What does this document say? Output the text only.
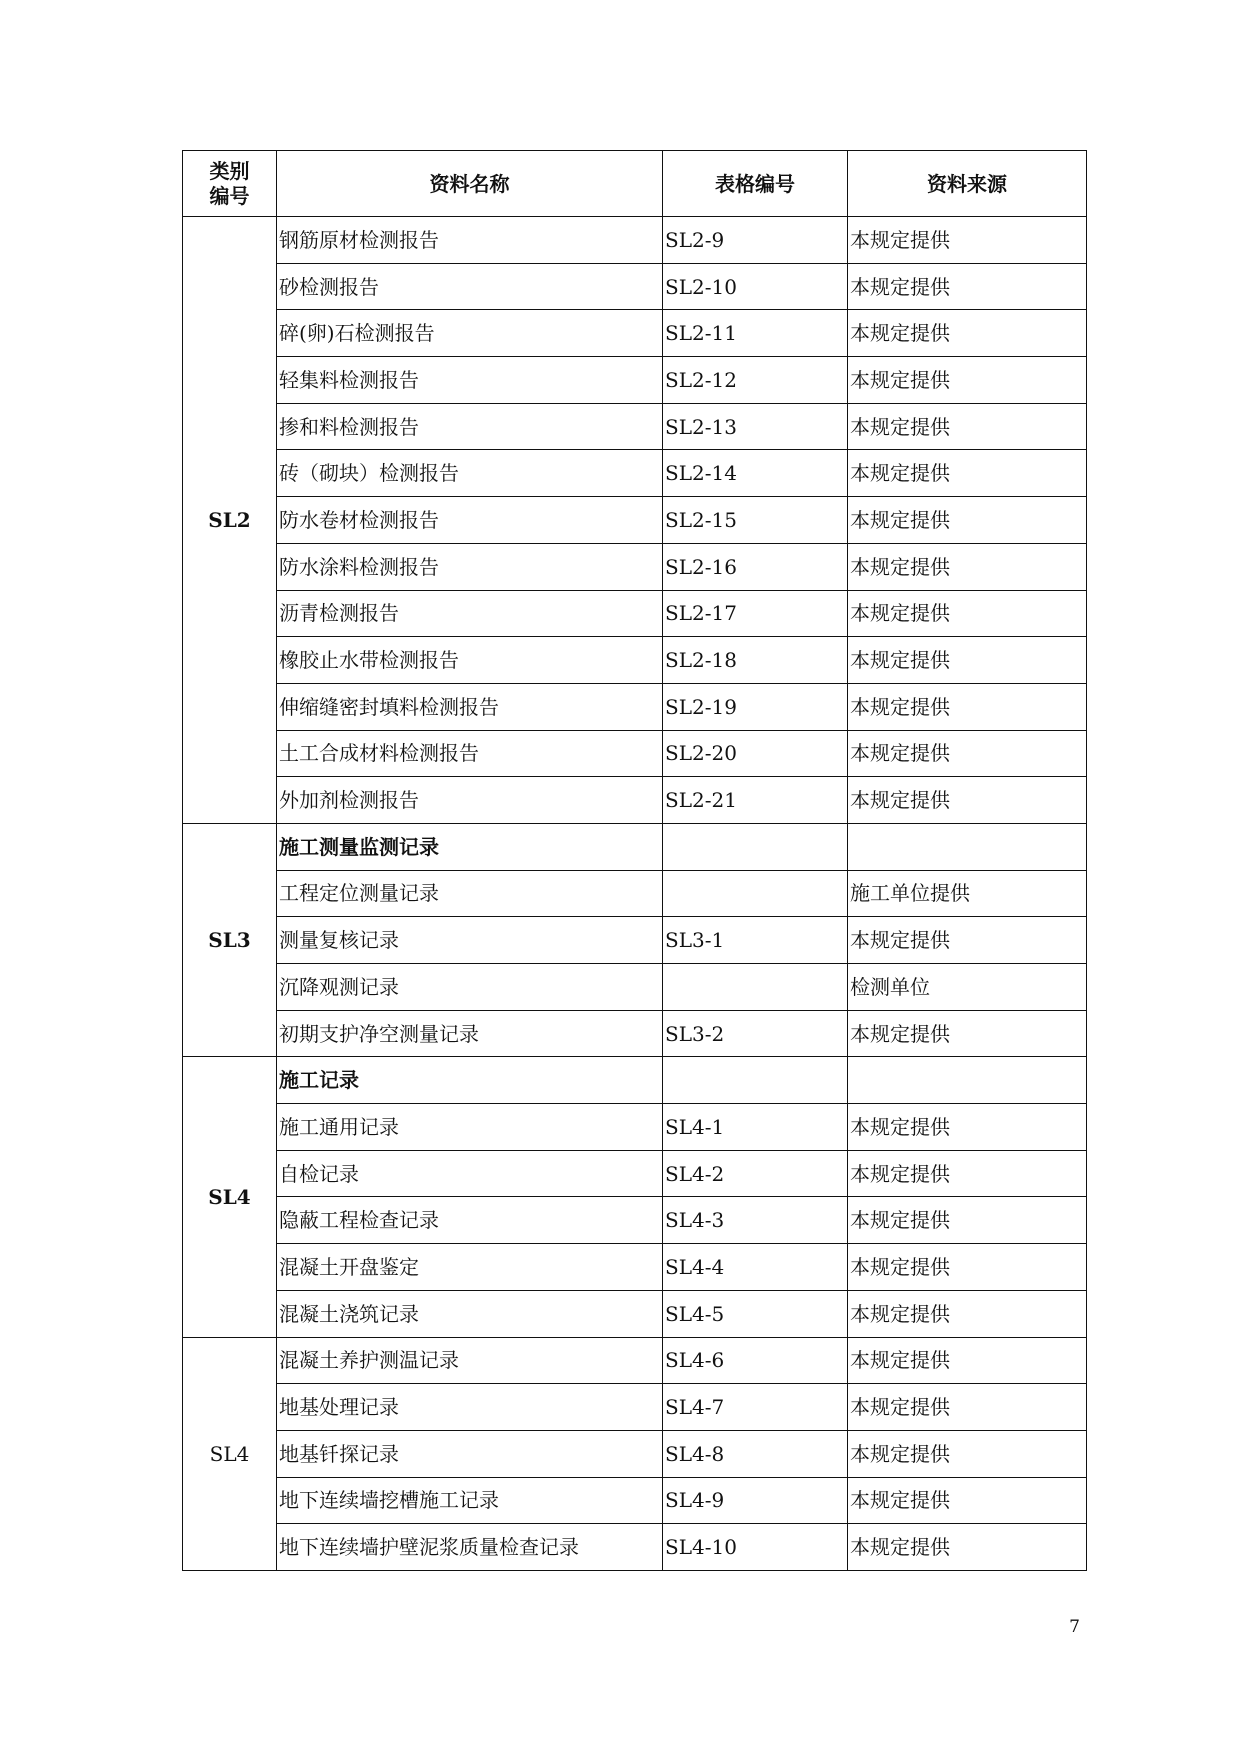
类别
编号	资料名称	表格编号	资料来源
SL2	钢筋原材检测报告	SL2-9	本规定提供
	砂检测报告	SL2-10	本规定提供
	碎(卵)石检测报告	SL2-11	本规定提供
	轻集料检测报告	SL2-12	本规定提供
	掺和料检测报告	SL2-13	本规定提供
	砖（砌块）检测报告	SL2-14	本规定提供
	防水卷材检测报告	SL2-15	本规定提供
	防水涂料检测报告	SL2-16	本规定提供
	沥青检测报告	SL2-17	本规定提供
	橡胶止水带检测报告	SL2-18	本规定提供
	伸缩缝密封填料检测报告	SL2-19	本规定提供
	土工合成材料检测报告	SL2-20	本规定提供
	外加剂检测报告	SL2-21	本规定提供
SL3	施工测量监测记录		
	工程定位测量记录		施工单位提供
	测量复核记录	SL3-1	本规定提供
	沉降观测记录		检测单位
	初期支护净空测量记录	SL3-2	本规定提供
SL4	施工记录		
	施工通用记录	SL4-1	本规定提供
	自检记录	SL4-2	本规定提供
	隐蔽工程检查记录	SL4-3	本规定提供
	混凝土开盘鉴定	SL4-4	本规定提供
	混凝土浇筑记录	SL4-5	本规定提供
SL4	混凝土养护测温记录	SL4-6	本规定提供
	地基处理记录	SL4-7	本规定提供
	地基钎探记录	SL4-8	本规定提供
	地下连续墙挖槽施工记录	SL4-9	本规定提供
	地下连续墙护壁泥浆质量检查记录	SL4-10	本规定提供
7
